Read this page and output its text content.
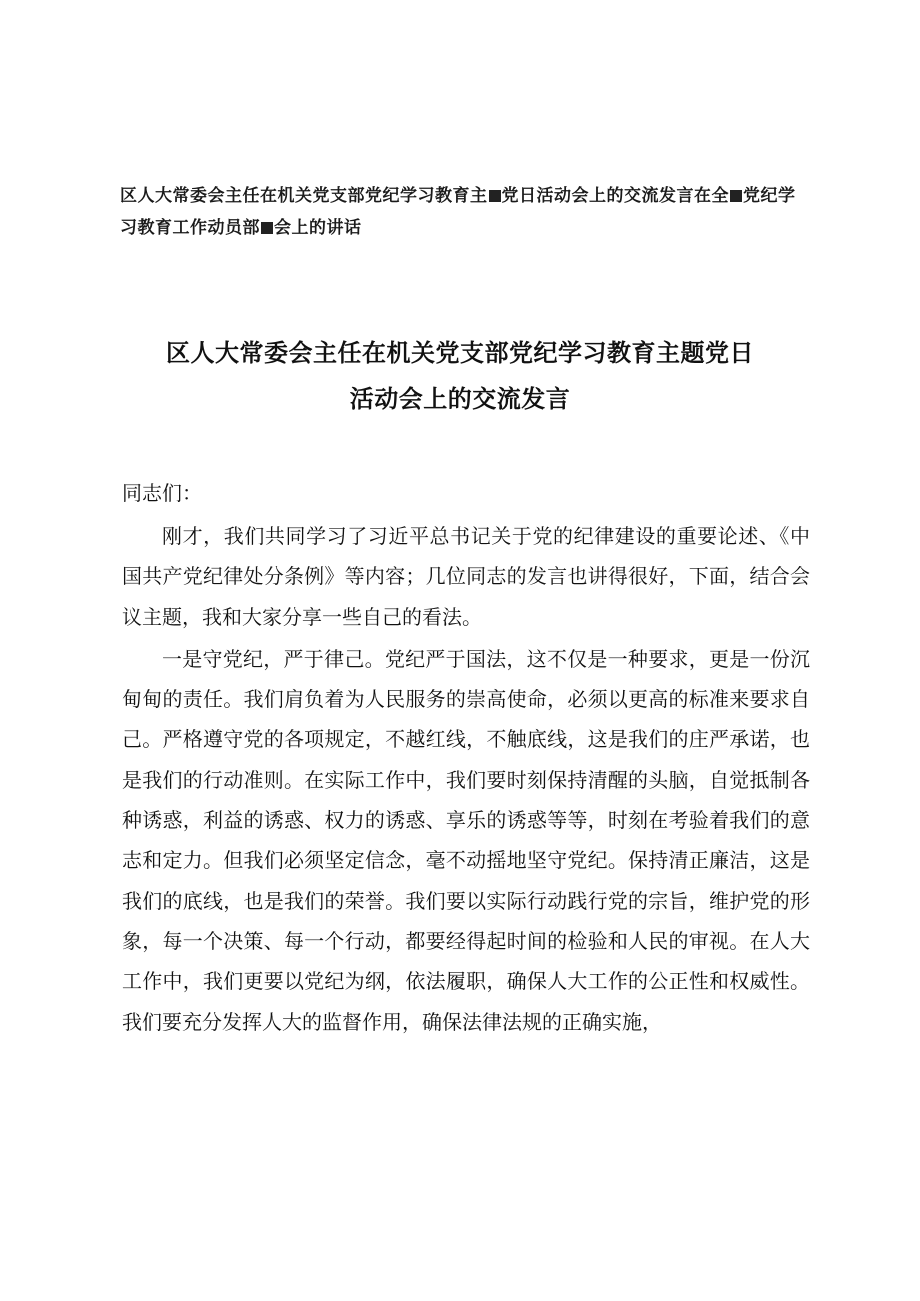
区人大常委会主任在机关党支部党纪学习教育主 党日活动会上的交流发言在全 党纪学习教育工作动员部 会上的讲话
区人大常委会主任在机关党支部党纪学习教育主题党日
活动会上的交流发言
同志们：

刚才，我们共同学习了习近平总书记关于党的纪律建设的重要论述、《中国共产党纪律处分条例》等内容；几位同志的发言也讲得很好，下面，结合会议主题，我和大家分享一些自己的看法。

一是守党纪，严于律己。党纪严于国法，这不仅是一种要求，更是一份沉甸甸的责任。我们肩负着为人民服务的崇高使命，必须以更高的标准来要求自己。严格遵守党的各项规定，不越红线，不触底线，这是我们的庄严承诺，也是我们的行动准则。在实际工作中，我们要时刻保持清醒的头脑，自觉抵制各种诱惑，利益的诱惑、权力的诱惑、享乐的诱惑等等，时刻在考验着我们的意志和定力。但我们必须坚定信念，毫不动摇地坚守党纪。保持清正廉洁，这是我们的底线，也是我们的荣誉。我们要以实际行动践行党的宗旨，维护党的形象，每一个决策、每一个行动，都要经得起时间的检验和人民的审视。在人大工作中，我们更要以党纪为纲，依法履职，确保人大工作的公正性和权威性。我们要充分发挥人大的监督作用，确保法律法规的正确实施，
